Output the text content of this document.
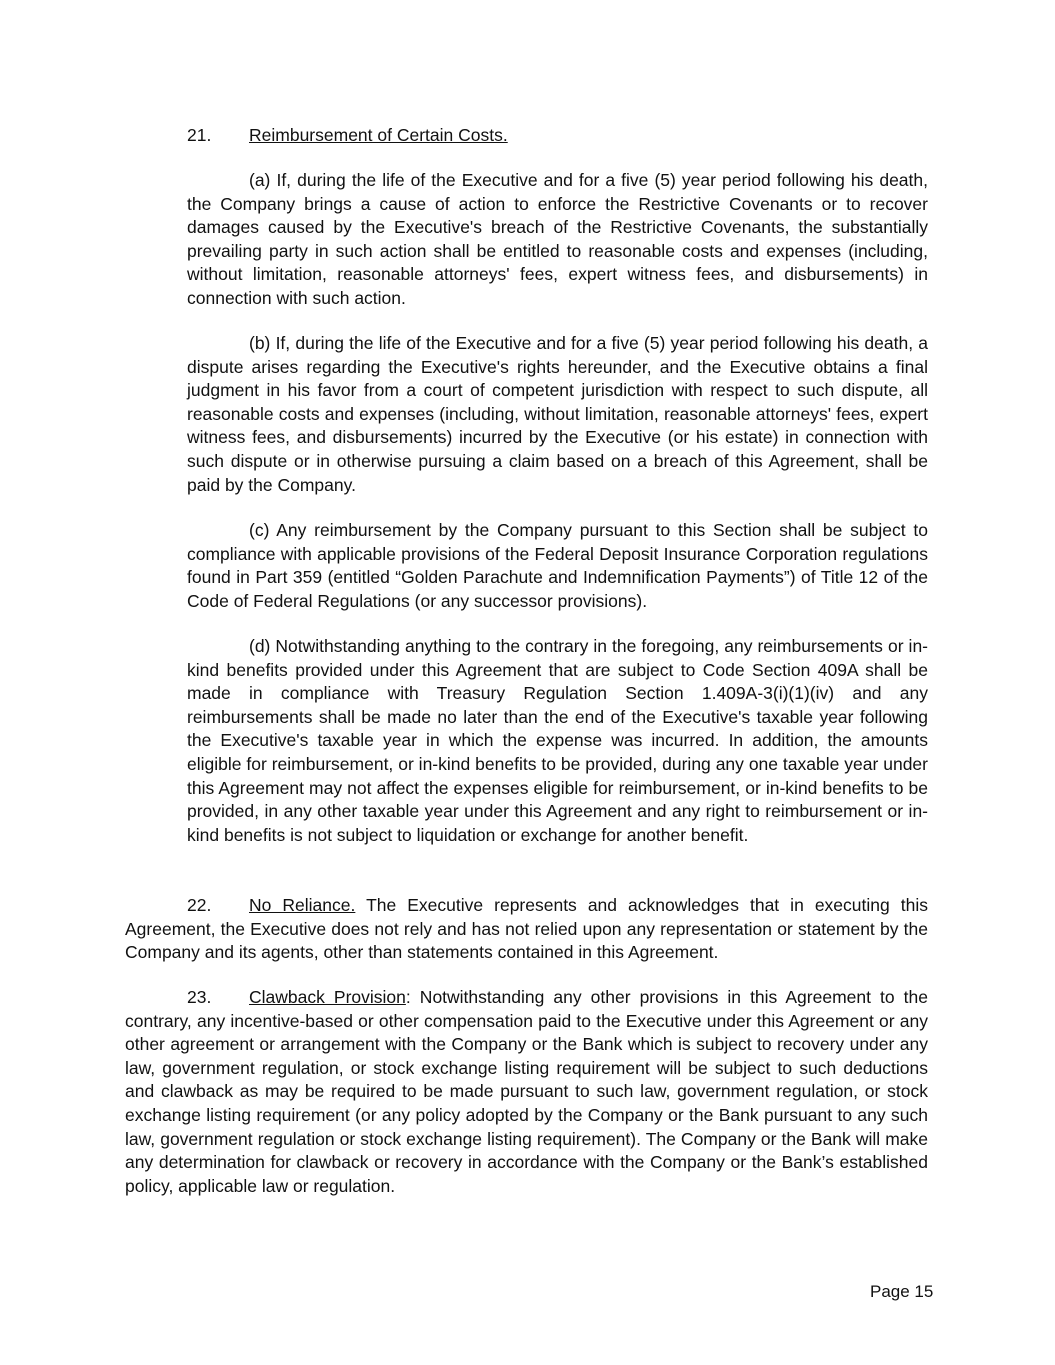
21. Reimbursement of Certain Costs.

(a) If, during the life of the Executive and for a five (5) year period following his death, the Company brings a cause of action to enforce the Restrictive Covenants or to recover damages caused by the Executive's breach of the Restrictive Covenants, the substantially prevailing party in such action shall be entitled to reasonable costs and expenses (including, without limitation, reasonable attorneys' fees, expert witness fees, and disbursements) in connection with such action.

(b) If, during the life of the Executive and for a five (5) year period following his death, a dispute arises regarding the Executive's rights hereunder, and the Executive obtains a final judgment in his favor from a court of competent jurisdiction with respect to such dispute, all reasonable costs and expenses (including, without limitation, reasonable attorneys' fees, expert witness fees, and disbursements) incurred by the Executive (or his estate) in connection with such dispute or in otherwise pursuing a claim based on a breach of this Agreement, shall be paid by the Company.

(c) Any reimbursement by the Company pursuant to this Section shall be subject to compliance with applicable provisions of the Federal Deposit Insurance Corporation regulations found in Part 359 (entitled “Golden Parachute and Indemnification Payments”) of Title 12 of the Code of Federal Regulations (or any successor provisions).

(d) Notwithstanding anything to the contrary in the foregoing, any reimbursements or in-kind benefits provided under this Agreement that are subject to Code Section 409A shall be made in compliance with Treasury Regulation Section 1.409A-3(i)(1)(iv) and any reimbursements shall be made no later than the end of the Executive's taxable year following the Executive's taxable year in which the expense was incurred. In addition, the amounts eligible for reimbursement, or in-kind benefits to be provided, during any one taxable year under this Agreement may not affect the expenses eligible for reimbursement, or in-kind benefits to be provided, in any other taxable year under this Agreement and any right to reimbursement or in-kind benefits is not subject to liquidation or exchange for another benefit.

22. No Reliance. The Executive represents and acknowledges that in executing this Agreement, the Executive does not rely and has not relied upon any representation or statement by the Company and its agents, other than statements contained in this Agreement.

23. Clawback Provision: Notwithstanding any other provisions in this Agreement to the contrary, any incentive-based or other compensation paid to the Executive under this Agreement or any other agreement or arrangement with the Company or the Bank which is subject to recovery under any law, government regulation, or stock exchange listing requirement will be subject to such deductions and clawback as may be required to be made pursuant to such law, government regulation, or stock exchange listing requirement (or any policy adopted by the Company or the Bank pursuant to any such law, government regulation or stock exchange listing requirement). The Company or the Bank will make any determination for clawback or recovery in accordance with the Company or the Bank’s established policy, applicable law or regulation.

Page 15
